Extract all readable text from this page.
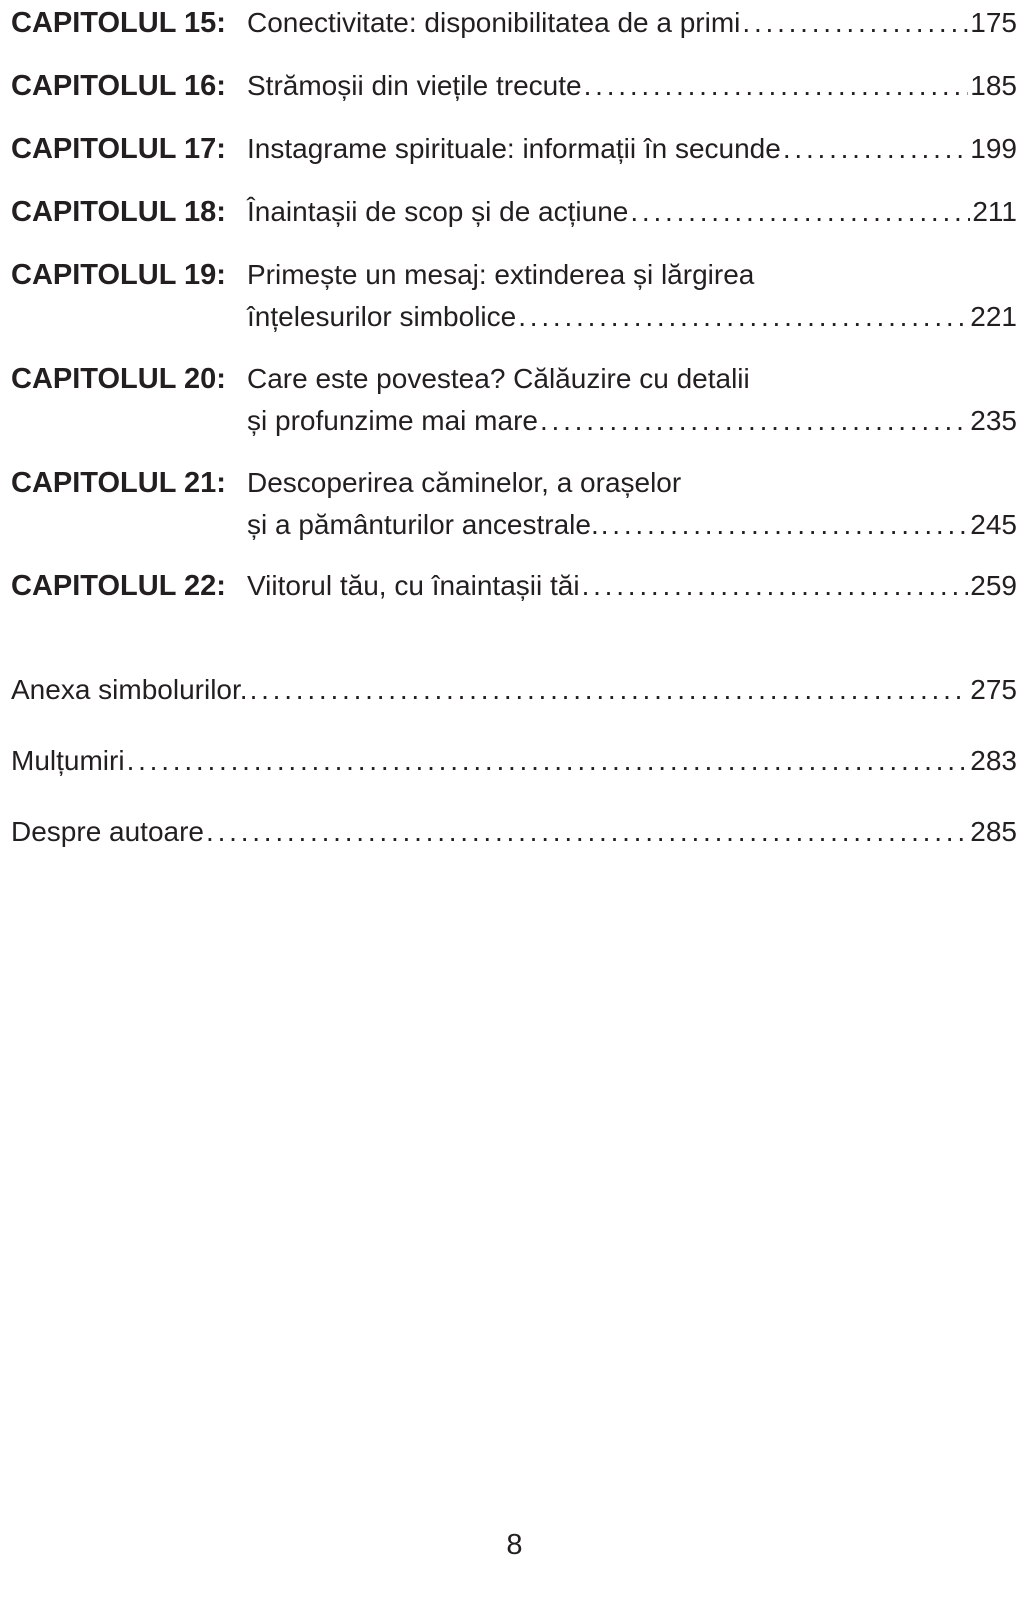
CAPITOLUL 15: Conectivitate: disponibilitatea de a primi . . .	175
CAPITOLUL 16: Strămoșii din viețile trecute . . .	185
CAPITOLUL 17: Instagrame spirituale: informații în secunde . . .	199
CAPITOLUL 18: Înaintașii de scop și de acțiune . . .	211
CAPITOLUL 19: Primește un mesaj: extinderea și lărgirea
înțelesurilor simbolice . . .	221
CAPITOLUL 20: Care este povestea? Călăuzire cu detalii
și profunzime mai mare . . .	235
CAPITOLUL 21: Descoperirea căminelor, a orașelor
și a pământurilor ancestrale. . . .	245
CAPITOLUL 22: Viitorul tău, cu înaintașii tăi . . .	259
Anexa simbolurilor. . . .	275
Mulțumiri . . .	283
Despre autoare . . .	285
8
